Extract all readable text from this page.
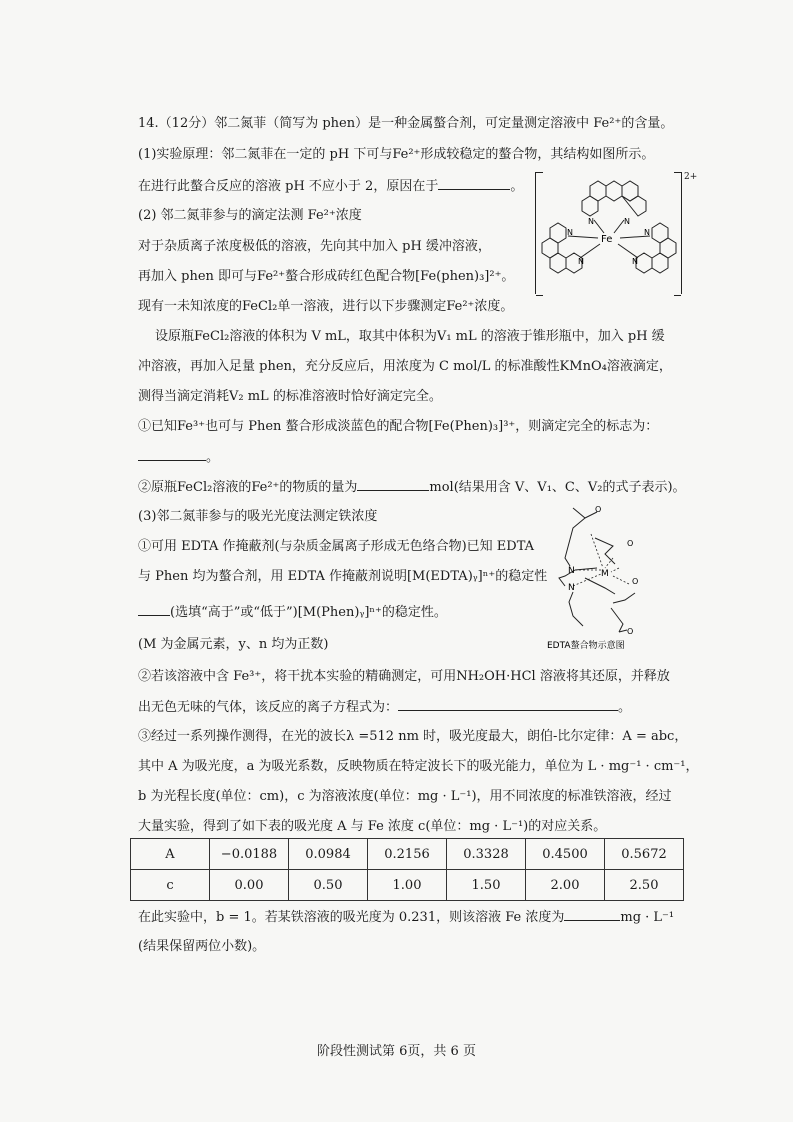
14.（12分）邻二氮菲（简写为 phen）是一种金属螯合剂，可定量测定溶液中 Fe²⁺的含量。
(1)实验原理：邻二氮菲在一定的 pH 下可与Fe²⁺形成较稳定的螯合物，其结构如图所示。
在进行此螯合反应的溶液 pH 不应小于 2，原因在于	。
(2) 邻二氮菲参与的滴定法测 Fe²⁺浓度
对于杂质离子浓度极低的溶液，先向其中加入 pH 缓冲溶液，
再加入 phen 即可与Fe²⁺螯合形成砖红色配合物[Fe(phen)₃]²⁺。
现有一未知浓度的FeCl₂单一溶液，进行以下步骤测定Fe²⁺浓度。
2+
Fe
N	N
N	N
N	N
设原瓶FeCl₂溶液的体积为 V mL，取其中体积为V₁ mL 的溶液于锥形瓶中，加入 pH 缓
冲溶液，再加入足量 phen，充分反应后，用浓度为 C mol/L 的标准酸性KMnO₄溶液滴定，
测得当滴定消耗V₂ mL 的标准溶液时恰好滴定完全。
①已知Fe³⁺也可与 Phen 螯合形成淡蓝色的配合物[Fe(Phen)₃]³⁺，则滴定完全的标志为：
。
②原瓶FeCl₂溶液的Fe²⁺的物质的量为	mol(结果用含 V、V₁、C、V₂的式子表示)。
(3)邻二氮菲参与的吸光光度法测定铁浓度
①可用 EDTA 作掩蔽剂(与杂质金属离子形成无色络合物)已知 EDTA
与 Phen 均为螯合剂，用 EDTA 作掩蔽剂说明[M(EDTA)ᵧ]ⁿ⁺的稳定性
(选填“高于”或“低于”)[M(Phen)ᵧ]ⁿ⁺的稳定性。
(M 为金属元素，y、n 均为正数)
O
O
O
O
N
N
M
EDTA螯合物示意图
②若该溶液中含 Fe³⁺，将干扰本实验的精确测定，可用NH₂OH·HCl 溶液将其还原，并释放
出无色无味的气体，该反应的离子方程式为：	。
③经过一系列操作测得，在光的波长λ =512 nm 时，吸光度最大，朗伯-比尔定律：A = abc，
其中 A 为吸光度，a 为吸光系数，反映物质在特定波长下的吸光能力，单位为 L · mg⁻¹ · cm⁻¹，
b 为光程长度(单位：cm)，c 为溶液浓度(单位：mg · L⁻¹)，用不同浓度的标准铁溶液，经过
大量实验，得到了如下表的吸光度 A 与 Fe 浓度 c(单位：mg · L⁻¹)的对应关系。
A	−0.0188	0.0984	0.2156	0.3328	0.4500	0.5672
c	0.00	0.50	1.00	1.50	2.00	2.50
在此实验中，b = 1。若某铁溶液的吸光度为 0.231，则该溶液 Fe 浓度为	mg · L⁻¹
(结果保留两位小数)。
阶段性测试第 6页，共 6 页
